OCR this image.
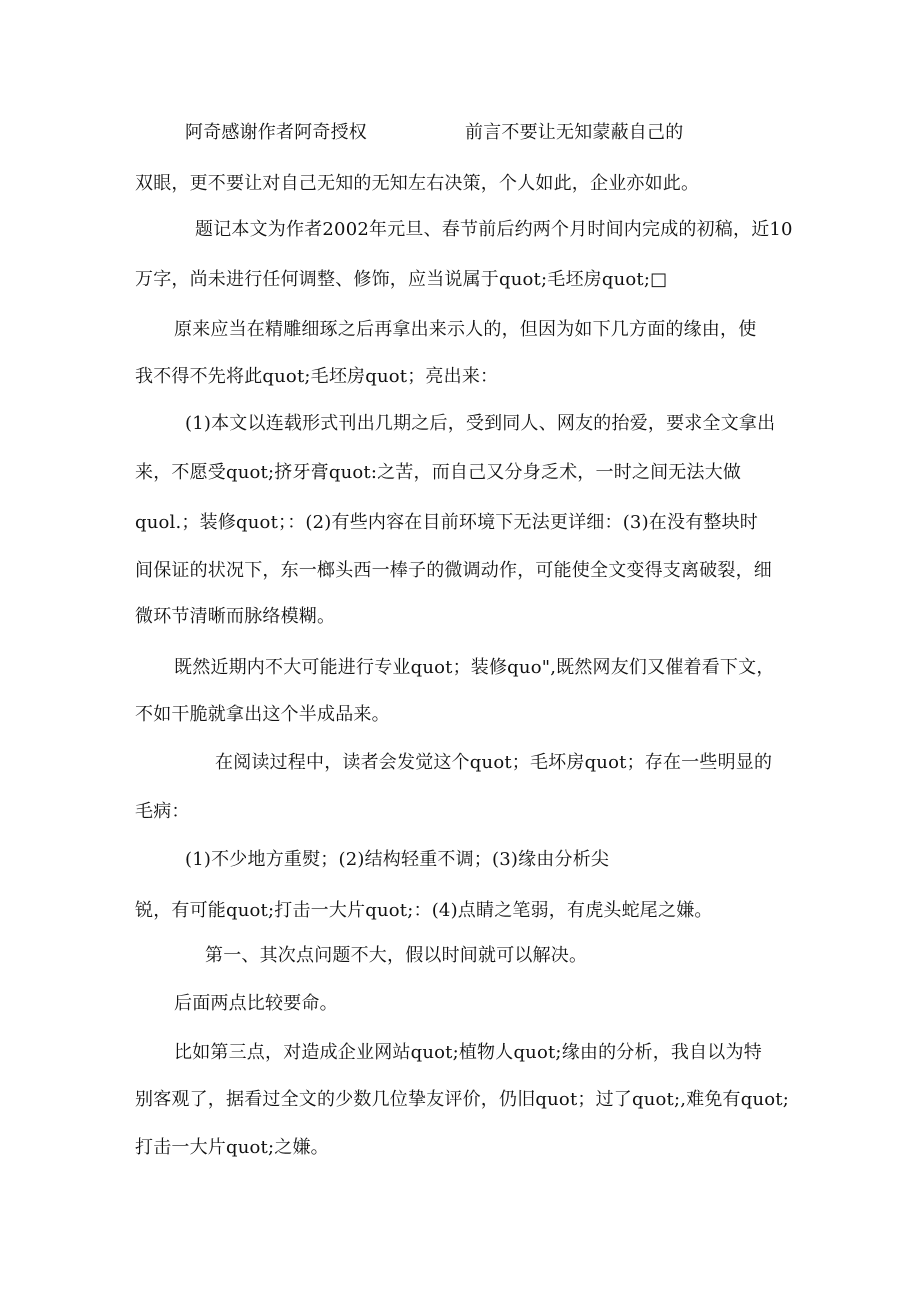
阿奇感谢作者阿奇授权	前言不要让无知蒙蔽自己的
双眼，更不要让对自己无知的无知左右决策，个人如此，企业亦如此。
题记本文为作者2002年元旦、春节前后约两个月时间内完成的初稿，近10
万字，尚未进行任何调整、修饰，应当说属于quot;毛坯房quot;□
原来应当在精雕细琢之后再拿出来示人的，但因为如下几方面的缘由，使
我不得不先将此quot;毛坯房quot；亮出来：
(1)本文以连载形式刊出几期之后，受到同人、网友的抬爱，要求全文拿出
来，不愿受quot;挤牙膏quot:之苦，而自己又分身乏术，一时之间无法大做
quol.；装修quot；：(2)有些内容在目前环境下无法更详细：(3)在没有整块时
间保证的状况下，东一榔头西一棒子的微调动作，可能使全文变得支离破裂，细
微环节清晰而脉络模糊。
既然近期内不大可能进行专业quot；装修quo",既然网友们又催着看下文，
不如干脆就拿出这个半成品来。
在阅读过程中，读者会发觉这个quot；毛坏房quot；存在一些明显的
毛病：
(1)不少地方重熨；(2)结构轻重不调；(3)缘由分析尖
锐，有可能quot;打击一大片quot;：(4)点睛之笔弱，有虎头蛇尾之嫌。
第一、其次点问题不大，假以时间就可以解决。
后面两点比较要命。
比如第三点，对造成企业网站quot;植物人quot;缘由的分析，我自以为特
别客观了，据看过全文的少数几位挚友评价，仍旧quot；过了quot;,难免有quot;
打击一大片quot;之嫌。
